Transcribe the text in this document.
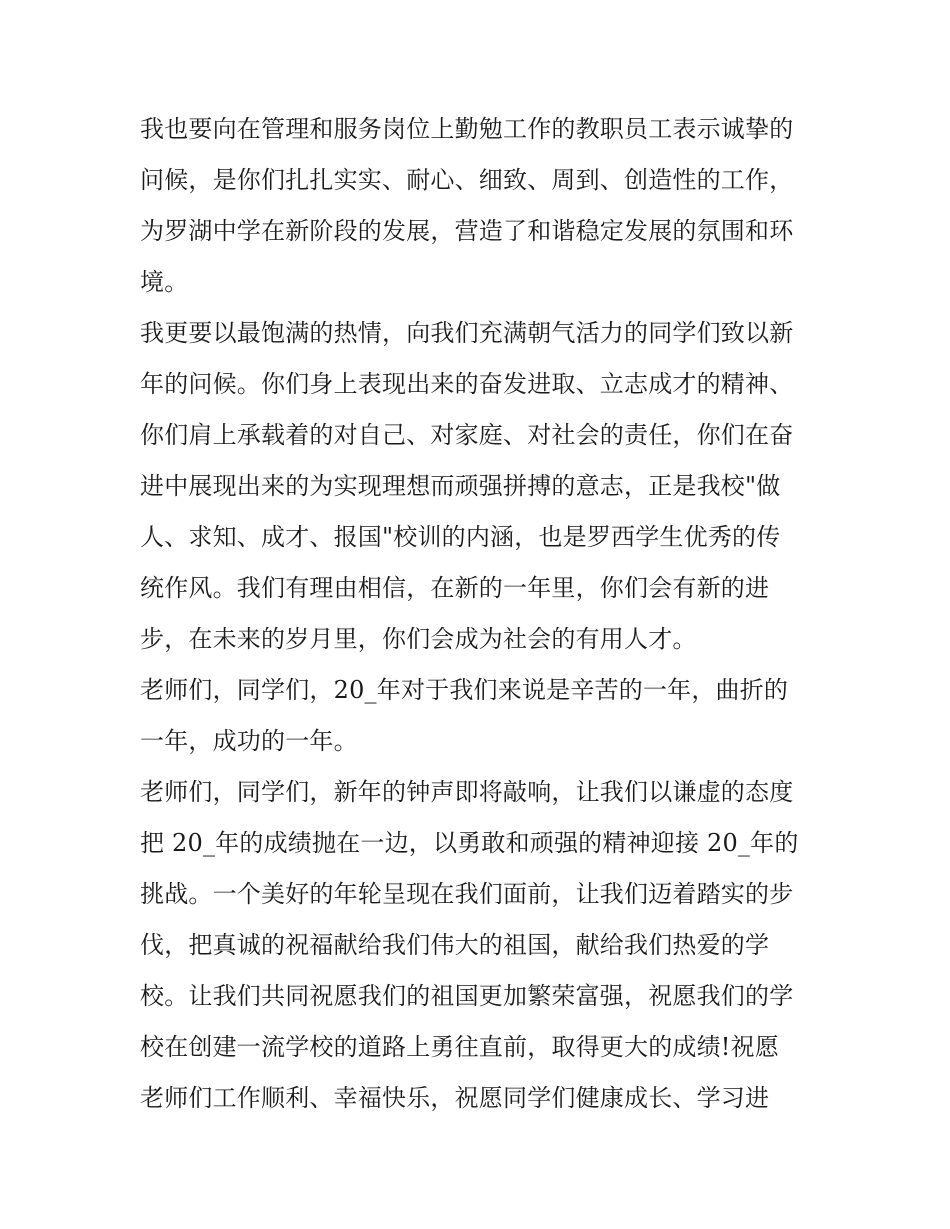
我也要向在管理和服务岗位上勤勉工作的教职员工表示诚挚的
问候，是你们扎扎实实、耐心、细致、周到、创造性的工作，
为罗湖中学在新阶段的发展，营造了和谐稳定发展的氛围和环
境。

我更要以最饱满的热情，向我们充满朝气活力的同学们致以新
年的问候。你们身上表现出来的奋发进取、立志成才的精神、
你们肩上承载着的对自己、对家庭、对社会的责任，你们在奋
进中展现出来的为实现理想而顽强拼搏的意志，正是我校"做
人、求知、成才、报国"校训的内涵，也是罗西学生优秀的传
统作风。我们有理由相信，在新的一年里，你们会有新的进
步，在未来的岁月里，你们会成为社会的有用人才。

老师们，同学们，20_年对于我们来说是辛苦的一年，曲折的
一年，成功的一年。

老师们，同学们，新年的钟声即将敲响，让我们以谦虚的态度
把 20_年的成绩抛在一边，以勇敢和顽强的精神迎接 20_年的
挑战。一个美好的年轮呈现在我们面前，让我们迈着踏实的步
伐，把真诚的祝福献给我们伟大的祖国，献给我们热爱的学
校。让我们共同祝愿我们的祖国更加繁荣富强，祝愿我们的学
校在创建一流学校的道路上勇往直前，取得更大的成绩!祝愿
老师们工作顺利、幸福快乐，祝愿同学们健康成长、学习进
